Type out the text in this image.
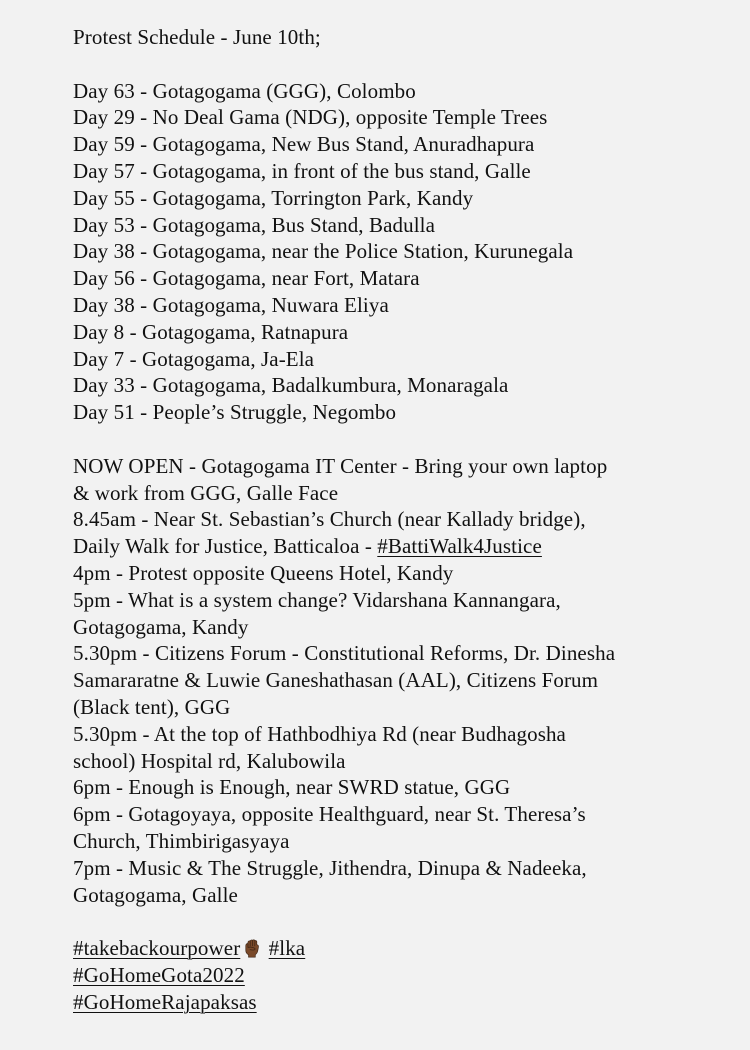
Protest Schedule - June 10th;
Day 63 - Gotagogama (GGG), Colombo
Day 29 - No Deal Gama (NDG), opposite Temple Trees
Day 59 - Gotagogama, New Bus Stand, Anuradhapura
Day 57 - Gotagogama, in front of the bus stand, Galle
Day 55 - Gotagogama, Torrington Park, Kandy
Day 53 - Gotagogama, Bus Stand, Badulla
Day 38 - Gotagogama, near the Police Station, Kurunegala
Day 56 - Gotagogama, near Fort, Matara
Day 38 - Gotagogama, Nuwara Eliya
Day 8 - Gotagogama, Ratnapura
Day 7 - Gotagogama, Ja-Ela
Day 33 - Gotagogama, Badalkumbura, Monaragala
Day 51 - People’s Struggle, Negombo
NOW OPEN - Gotagogama IT Center - Bring your own laptop
& work from GGG, Galle Face
8.45am - Near St. Sebastian’s Church (near Kallady bridge),
Daily Walk for Justice, Batticaloa - #BattiWalk4Justice
4pm - Protest opposite Queens Hotel, Kandy
5pm - What is a system change? Vidarshana Kannangara,
Gotagogama, Kandy
5.30pm - Citizens Forum - Constitutional Reforms, Dr. Dinesha
Samararatne & Luwie Ganeshathasan (AAL), Citizens Forum
(Black tent), GGG
5.30pm - At the top of Hathbodhiya Rd (near Budhagosha
school) Hospital rd, Kalubowila
6pm - Enough is Enough, near SWRD statue, GGG
6pm - Gotagoyaya, opposite Healthguard, near St. Theresa’s
Church, Thimbirigasyaya
7pm - Music & The Struggle, Jithendra, Dinupa & Nadeeka,
Gotagogama, Galle
#takebackourpower #lka
#GoHomeGota2022
#GoHomeRajapaksas
